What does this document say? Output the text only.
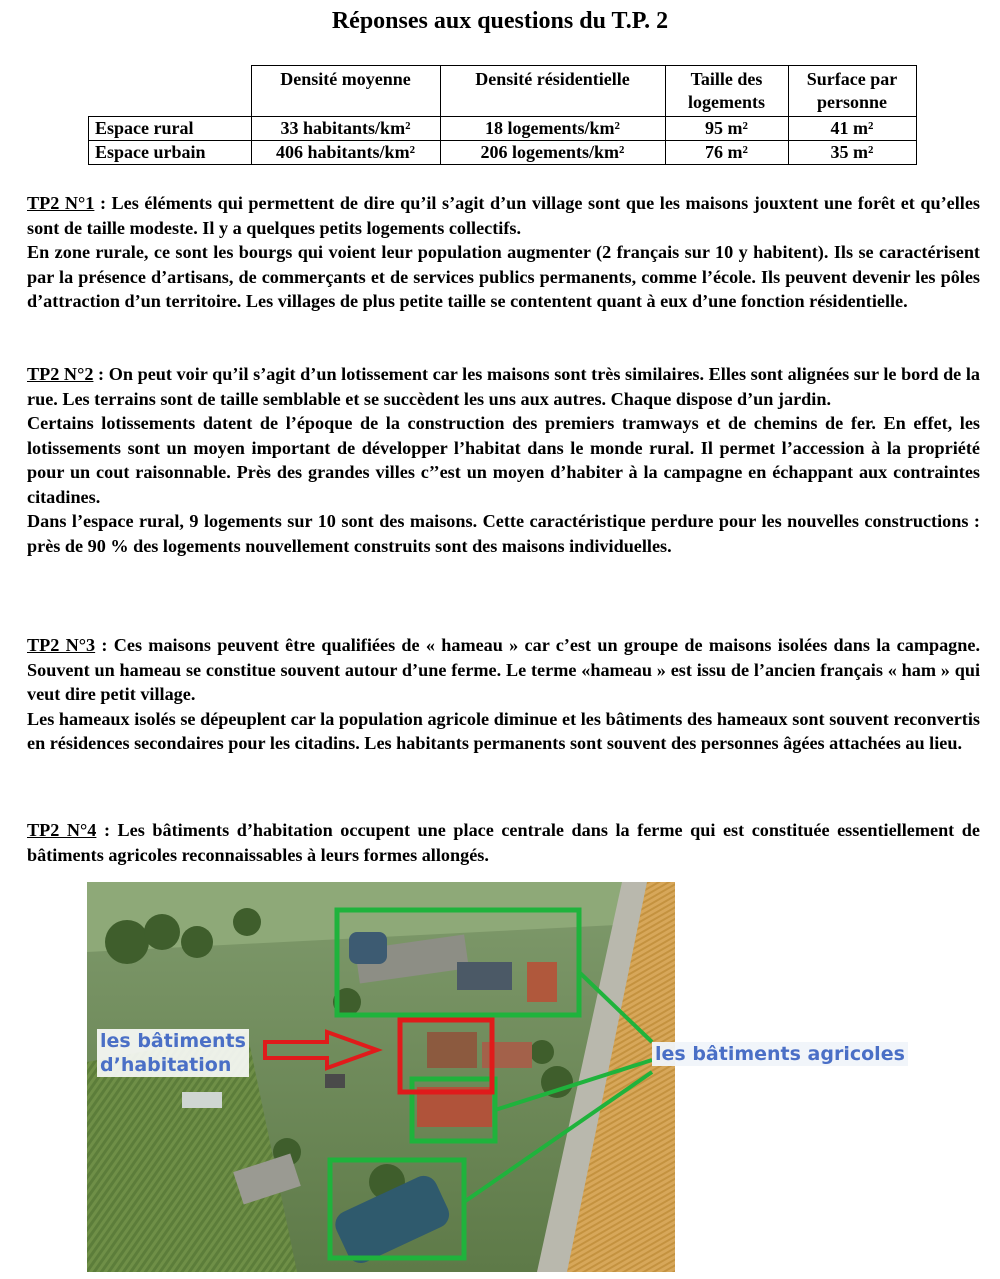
Réponses aux questions du T.P. 2
	Densité moyenne	Densité résidentielle	Taille des logements	Surface par personne
Espace rural	33 habitants/km²	18 logements/km²	95 m²	41 m²
Espace urbain	406 habitants/km²	206 logements/km²	76 m²	35 m²

TP2 N°1 : Les éléments qui permettent de dire qu’il s’agit d’un village sont que les maisons jouxtent une forêt et qu’elles sont de taille modeste. Il y a quelques petits logements collectifs.

En zone rurale, ce sont les bourgs qui voient leur population augmenter (2 français sur 10 y habitent). Ils se caractérisent par la présence d’artisans, de commerçants et de services publics permanents, comme l’école. Ils peuvent devenir les pôles d’attraction d’un territoire. Les villages de plus petite taille se contentent quant à eux d’une fonction résidentielle.

TP2 N°2 : On peut voir qu’il s’agit d’un lotissement car les maisons sont très similaires. Elles sont alignées sur le bord de la rue. Les terrains sont de taille semblable et se succèdent les uns aux autres. Chaque dispose d’un jardin.

Certains lotissements datent de l’époque de la construction des premiers tramways et de chemins de fer. En effet, les lotissements sont un moyen important de développer l’habitat dans le monde rural. Il permet l’accession à la propriété pour un cout raisonnable. Près des grandes villes c’’est un moyen d’habiter à la campagne en échappant aux contraintes citadines.

Dans l’espace rural, 9 logements sur 10 sont des maisons. Cette caractéristique perdure pour les nouvelles constructions : près de 90 % des logements nouvellement construits sont des maisons individuelles.

TP2 N°3 : Ces maisons peuvent être qualifiées de « hameau » car c’est un groupe de maisons isolées dans la campagne. Souvent un hameau se constitue souvent autour d’une ferme. Le terme «hameau » est issu de l’ancien français « ham » qui veut dire petit village.

Les hameaux isolés se dépeuplent car la population agricole diminue et les bâtiments des hameaux sont souvent reconvertis en résidences secondaires pour les citadins. Les habitants permanents sont souvent des personnes âgées attachées au lieu.

TP2 N°4 : Les bâtiments d’habitation occupent une place centrale dans la ferme qui est constituée essentiellement de bâtiments agricoles reconnaissables à leurs formes allongés.

les bâtiments
d’habitation	les bâtiments agricoles
